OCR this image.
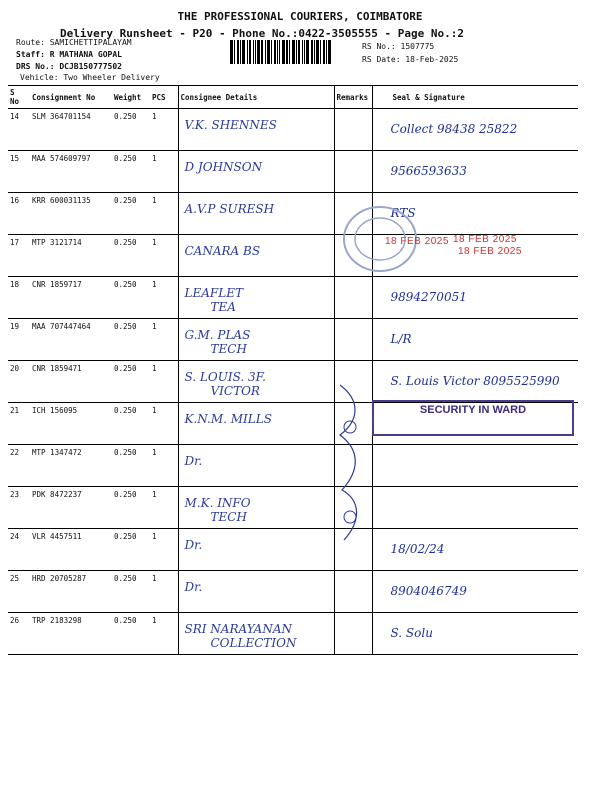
THE PROFESSIONAL COURIERS, COIMBATORE
Delivery Runsheet - P20 - Phone No.:0422-3505555 - Page No.:2
Route: SAMICHETTIPALAYAM
Staff: R MATHANA GOPAL
DRS No.: DCJB150777502
Vehicle: Two Wheeler Delivery
RS No.: 1507775
RS Date: 18-Feb-2025
S No	Consignment No	Weight	PCS	Consignee Details	Remarks	Seal & Signature
14	SLM 364701154	0.250	1	V.K. SHENNES		Collect 98438 25822

15	MAA 574609797	0.250	1	D JOHNSON		9566593633

16	KRR 600031135	0.250	1	A.V.P SURESH		RTS

17	MTP 3121714	0.250	1	CANARA BS		

18	CNR 1859717	0.250	1	LEAFLET
TEA		9894270051

19	MAA 707447464	0.250	1	G.M. PLAS
TECH		L/R

20	CNR 1859471	0.250	1	S. LOUIS. 3F.
VICTOR		S. Louis Victor 8095525990

21	ICH 156095	0.250	1	K.N.M. MILLS		

22	MTP 1347472	0.250	1	Dr.		

23	PDK 8472237	0.250	1	M.K. INFO
TECH		

24	VLR 4457511	0.250	1	Dr.		18/02/24

25	HRD 20705287	0.250	1	Dr.		8904046749

26	TRP 2183298	0.250	1	SRI NARAYANAN
COLLECTION		S. Solu
18 FEB 2025 18 FEB 2025
18 FEB 2025
SECURITY IN WARD
